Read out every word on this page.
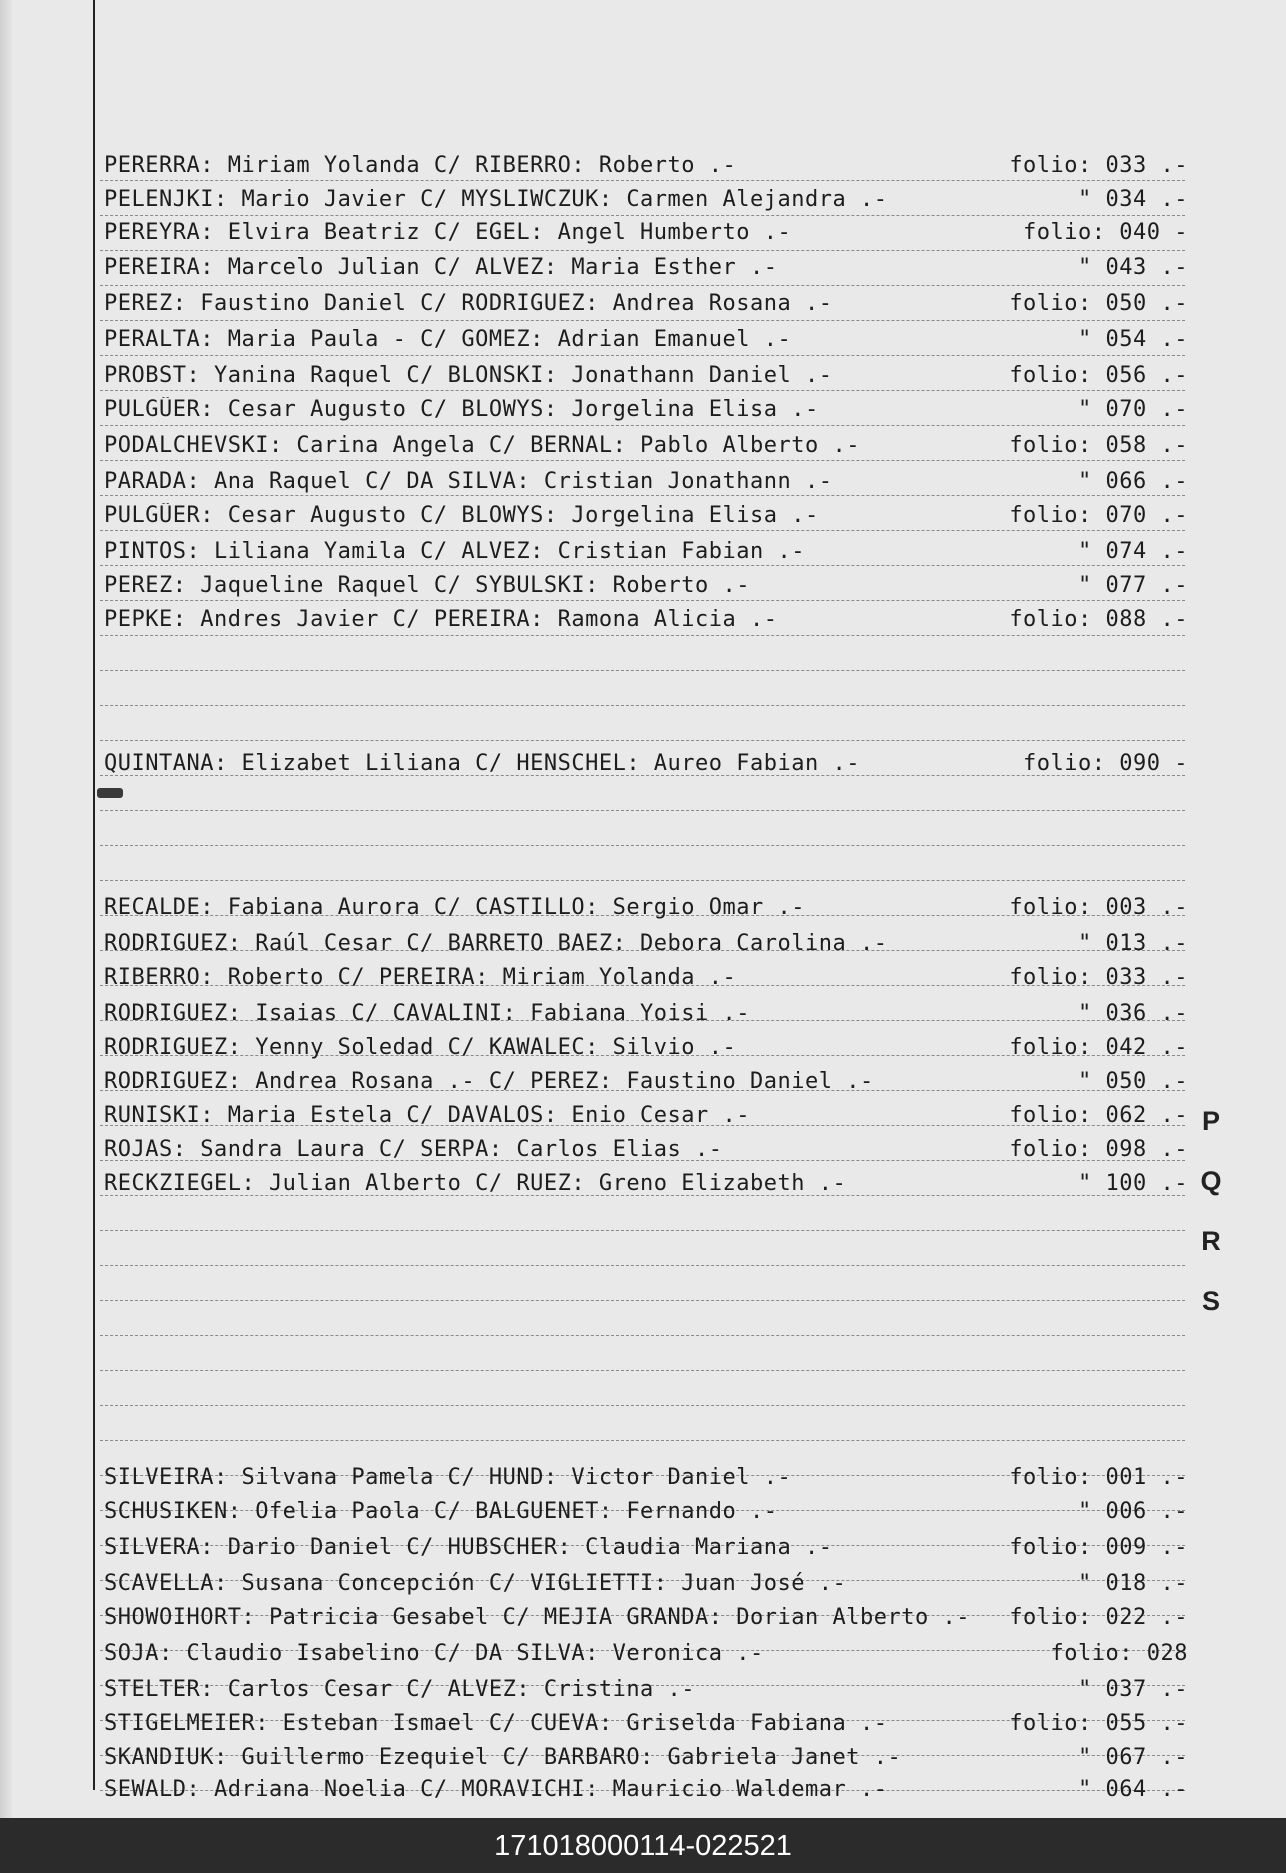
PERERRA: Miriam Yolanda C/ RIBERRO: Roberto .-	folio: 033 .-
PELENJKI: Mario Javier C/ MYSLIWCZUK: Carmen Alejandra .-	" 034 .-
PEREYRA: Elvira Beatriz C/ EGEL: Angel Humberto .-	folio: 040 -
PEREIRA: Marcelo Julian C/ ALVEZ: Maria Esther .-	" 043 .-
PEREZ: Faustino Daniel C/ RODRIGUEZ: Andrea Rosana .-	folio: 050 .-
PERALTA: Maria Paula - C/ GOMEZ: Adrian Emanuel .-	" 054 .-
PROBST: Yanina Raquel C/ BLONSKI: Jonathann Daniel .-	folio: 056 .-
PULGÜER: Cesar Augusto C/ BLOWYS: Jorgelina Elisa .-	" 070 .-
PODALCHEVSKI: Carina Angela C/ BERNAL: Pablo Alberto .-	folio: 058 .-
PARADA: Ana Raquel C/ DA SILVA: Cristian Jonathann .-	" 066 .-
PULGÜER: Cesar Augusto C/ BLOWYS: Jorgelina Elisa .-	folio: 070 .-
PINTOS: Liliana Yamila C/ ALVEZ: Cristian Fabian .-	" 074 .-
PEREZ: Jaqueline Raquel C/ SYBULSKI: Roberto .-	" 077 .-
PEPKE: Andres Javier C/ PEREIRA: Ramona Alicia .-	folio: 088 .-
QUINTANA: Elizabet Liliana C/ HENSCHEL: Aureo Fabian .-	folio: 090 -
RECALDE: Fabiana Aurora C/ CASTILLO: Sergio Omar .-	folio: 003 .-
RODRIGUEZ: Raúl Cesar C/ BARRETO BAEZ: Debora Carolina .-	" 013 .-
RIBERRO: Roberto C/ PEREIRA: Miriam Yolanda .-	folio: 033 .-
RODRIGUEZ: Isaias C/ CAVALINI: Fabiana Yoisi .-	" 036 .-
RODRIGUEZ: Yenny Soledad C/ KAWALEC: Silvio .-	folio: 042 .-
RODRIGUEZ: Andrea Rosana .- C/ PEREZ: Faustino Daniel .-	" 050 .-
RUNISKI: Maria Estela C/ DAVALOS: Enio Cesar .-	folio: 062 .-
ROJAS: Sandra Laura C/ SERPA: Carlos Elias .-	folio: 098 .-
RECKZIEGEL: Julian Alberto C/ RUEZ: Greno Elizabeth .-	" 100 .-
SILVEIRA: Silvana Pamela C/ HUND: Victor Daniel .-	folio: 001 .-
SCHUSIKEN: Ofelia Paola C/ BALGUENET: Fernando .-	" 006 .-
SILVERA: Dario Daniel C/ HUBSCHER: Claudia Mariana .-	folio: 009 .-
SCAVELLA: Susana Concepción C/ VIGLIETTI: Juan José .-	" 018 .-
SHOWOIHORT: Patricia Gesabel C/ MEJIA GRANDA: Dorian Alberto .- folio: 022 .-
SOJA: Claudio Isabelino C/ DA SILVA: Veronica .-	folio: 028
STELTER: Carlos Cesar C/ ALVEZ: Cristina .-	" 037 .-
STIGELMEIER: Esteban Ismael C/ CUEVA: Griselda Fabiana .-	folio: 055 .-
SKANDIUK: Guillermo Ezequiel C/ BARBARO: Gabriela Janet .-	" 067 .-
SEWALD: Adriana Noelia C/ MORAVICHI: Mauricio Waldemar .-	" 064 .-
P
Q
R
S
171018000114-022521
